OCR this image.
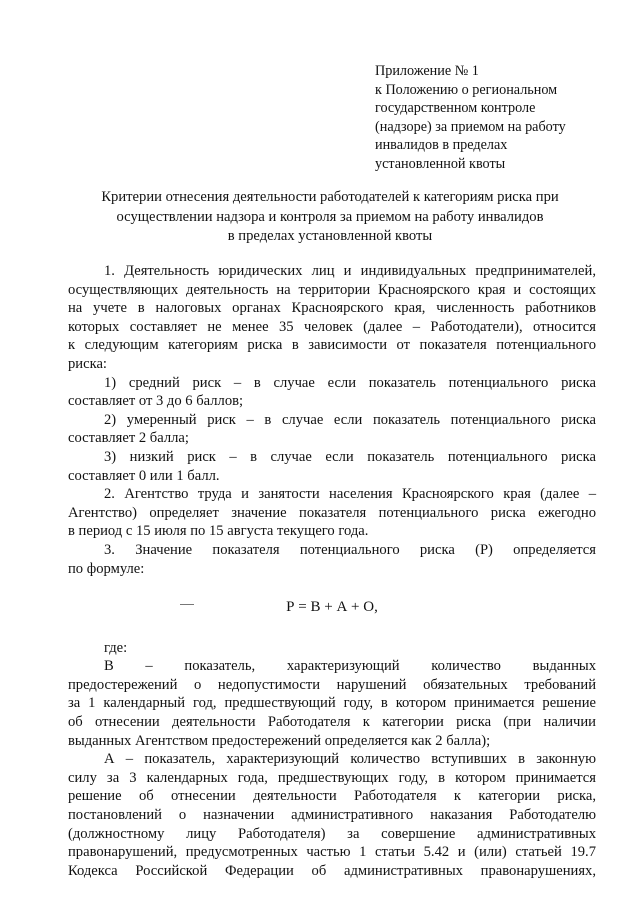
Приложение № 1
к Положению о региональном
государственном контроле
(надзоре) за приемом на работу
инвалидов в пределах
установленной квоты
Критерии отнесения деятельности работодателей к категориям риска при
осуществлении надзора и контроля за приемом на работу инвалидов
в пределах установленной квоты
1. Деятельность юридических лиц и индивидуальных предпринимателей,
осуществляющих деятельность на территории Красноярского края и состоящих
на учете в налоговых органах Красноярского края, численность работников
которых составляет не менее 35 человек (далее – Работодатели), относится
к следующим категориям риска в зависимости от показателя потенциального
риска:
1) средний риск – в случае если показатель потенциального риска
составляет от 3 до 6 баллов;
2) умеренный риск – в случае если показатель потенциального риска
составляет 2 балла;
3) низкий риск – в случае если показатель потенциального риска
составляет 0 или 1 балл.
2. Агентство труда и занятости населения Красноярского края (далее –
Агентство) определяет значение показателя потенциального риска ежегодно
в период с 15 июля по 15 августа текущего года.
3. Значение показателя потенциального риска (Р) определяется
по формуле:
Р = В + А + О,
где:
В – показатель, характеризующий количество выданных
предостережений о недопустимости нарушений обязательных требований
за 1 календарный год, предшествующий году, в котором принимается решение
об отнесении деятельности Работодателя к категории риска (при наличии
выданных Агентством предостережений определяется как 2 балла);
А – показатель, характеризующий количество вступивших в законную
силу за 3 календарных года, предшествующих году, в котором принимается
решение об отнесении деятельности Работодателя к категории риска,
постановлений о назначении административного наказания Работодателю
(должностному лицу Работодателя) за совершение административных
правонарушений, предусмотренных частью 1 статьи 5.42 и (или) статьей 19.7
Кодекса Российской Федерации об административных правонарушениях,
